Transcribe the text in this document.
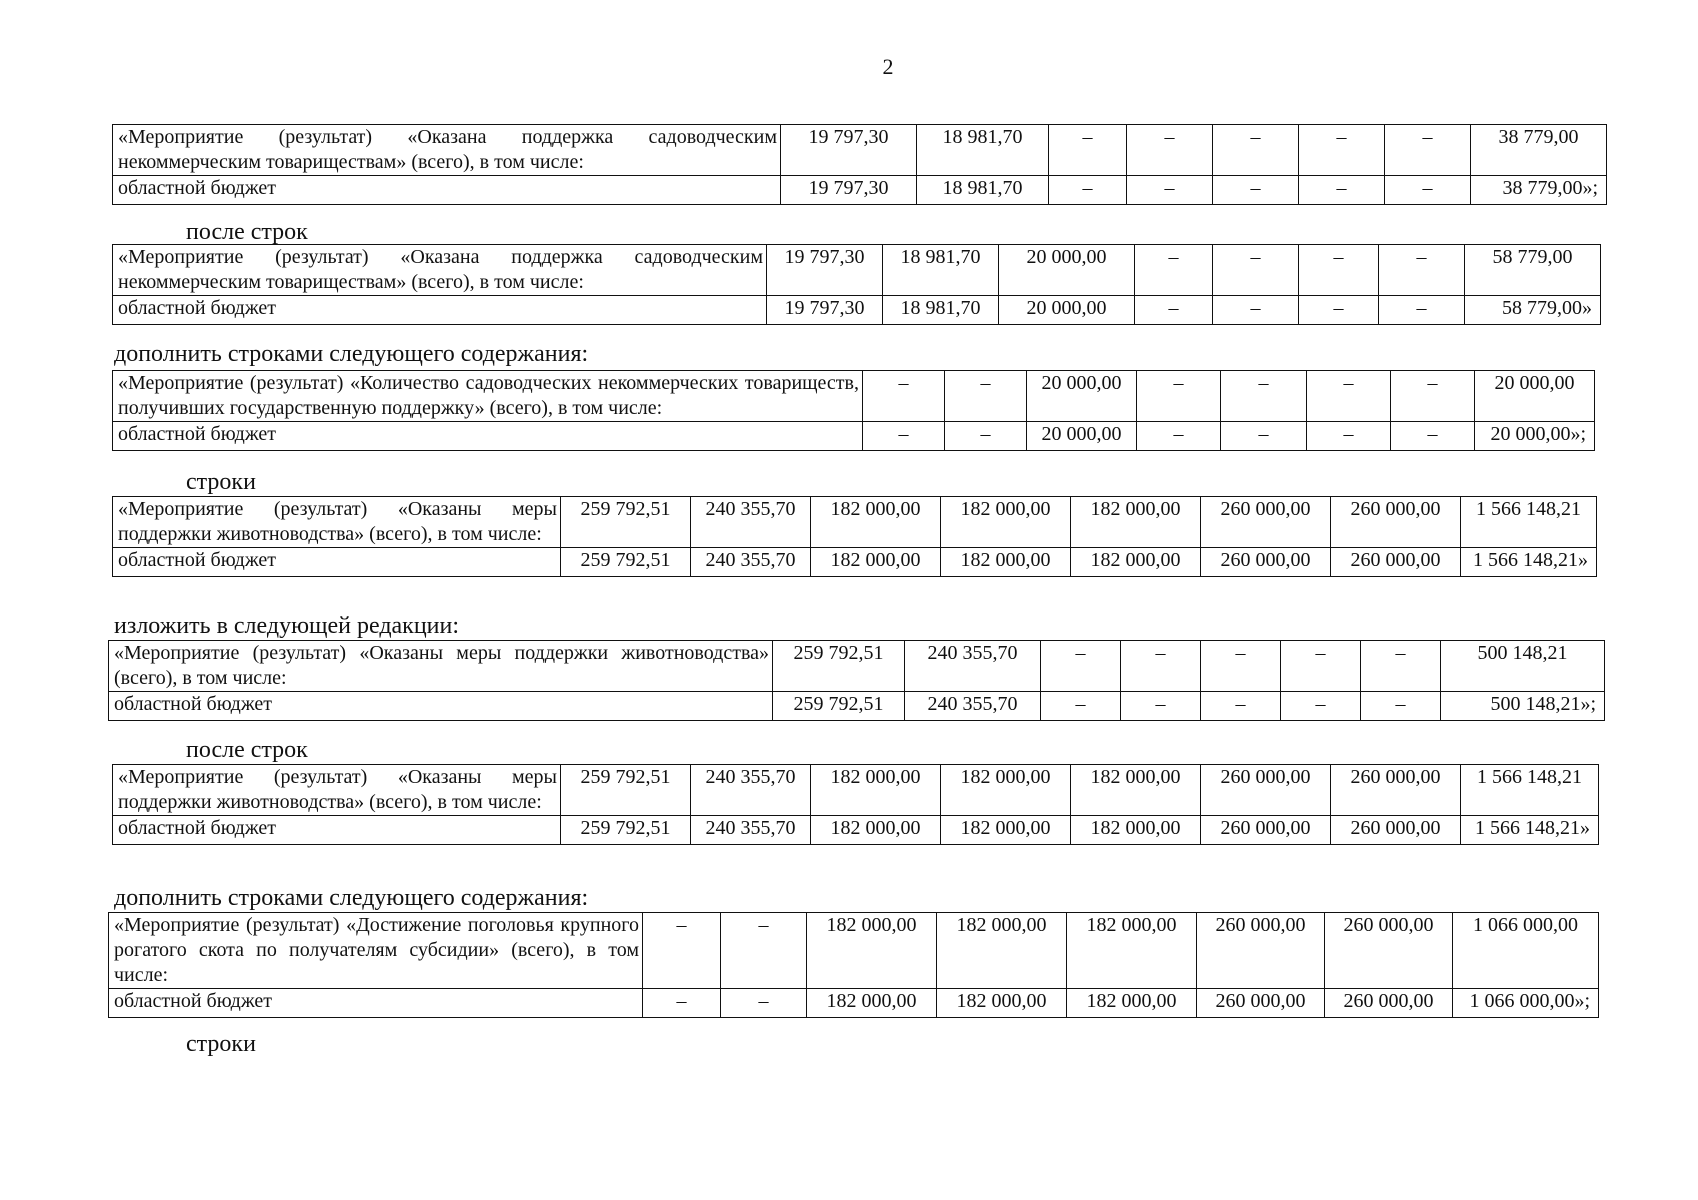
2
«Мероприятие (результат) «Оказана поддержка садоводческим некоммерческим товариществам» (всего), в том числе:	19 797,30	18 981,70	–	–	–	–	–	38 779,00
областной бюджет	19 797,30	18 981,70	–	–	–	–	–	38 779,00»;
после строк
«Мероприятие (результат) «Оказана поддержка садоводческим некоммерческим товариществам» (всего), в том числе:	19 797,30	18 981,70	20 000,00	–	–	–	–	58 779,00
областной бюджет	19 797,30	18 981,70	20 000,00	–	–	–	–	58 779,00»
дополнить строками следующего содержания:
«Мероприятие (результат) «Количество садоводческих некоммерческих товариществ, получивших государственную поддержку» (всего), в том числе:	–	–	20 000,00	–	–	–	–	20 000,00
областной бюджет	–	–	20 000,00	–	–	–	–	20 000,00»;
строки
«Мероприятие (результат) «Оказаны меры поддержки животноводства» (всего), в том числе:	259 792,51	240 355,70	182 000,00	182 000,00	182 000,00	260 000,00	260 000,00	1 566 148,21
областной бюджет	259 792,51	240 355,70	182 000,00	182 000,00	182 000,00	260 000,00	260 000,00	1 566 148,21»
изложить в следующей редакции:
«Мероприятие (результат) «Оказаны меры поддержки животноводства» (всего), в том числе:	259 792,51	240 355,70	–	–	–	–	–	500 148,21
областной бюджет	259 792,51	240 355,70	–	–	–	–	–	500 148,21»;
после строк
«Мероприятие (результат) «Оказаны меры поддержки животноводства» (всего), в том числе:	259 792,51	240 355,70	182 000,00	182 000,00	182 000,00	260 000,00	260 000,00	1 566 148,21
областной бюджет	259 792,51	240 355,70	182 000,00	182 000,00	182 000,00	260 000,00	260 000,00	1 566 148,21»
дополнить строками следующего содержания:
«Мероприятие (результат) «Достижение поголовья крупного рогатого скота по получателям субсидии» (всего), в том числе:	–	–	182 000,00	182 000,00	182 000,00	260 000,00	260 000,00	1 066 000,00
областной бюджет	–	–	182 000,00	182 000,00	182 000,00	260 000,00	260 000,00	1 066 000,00»;
строки
